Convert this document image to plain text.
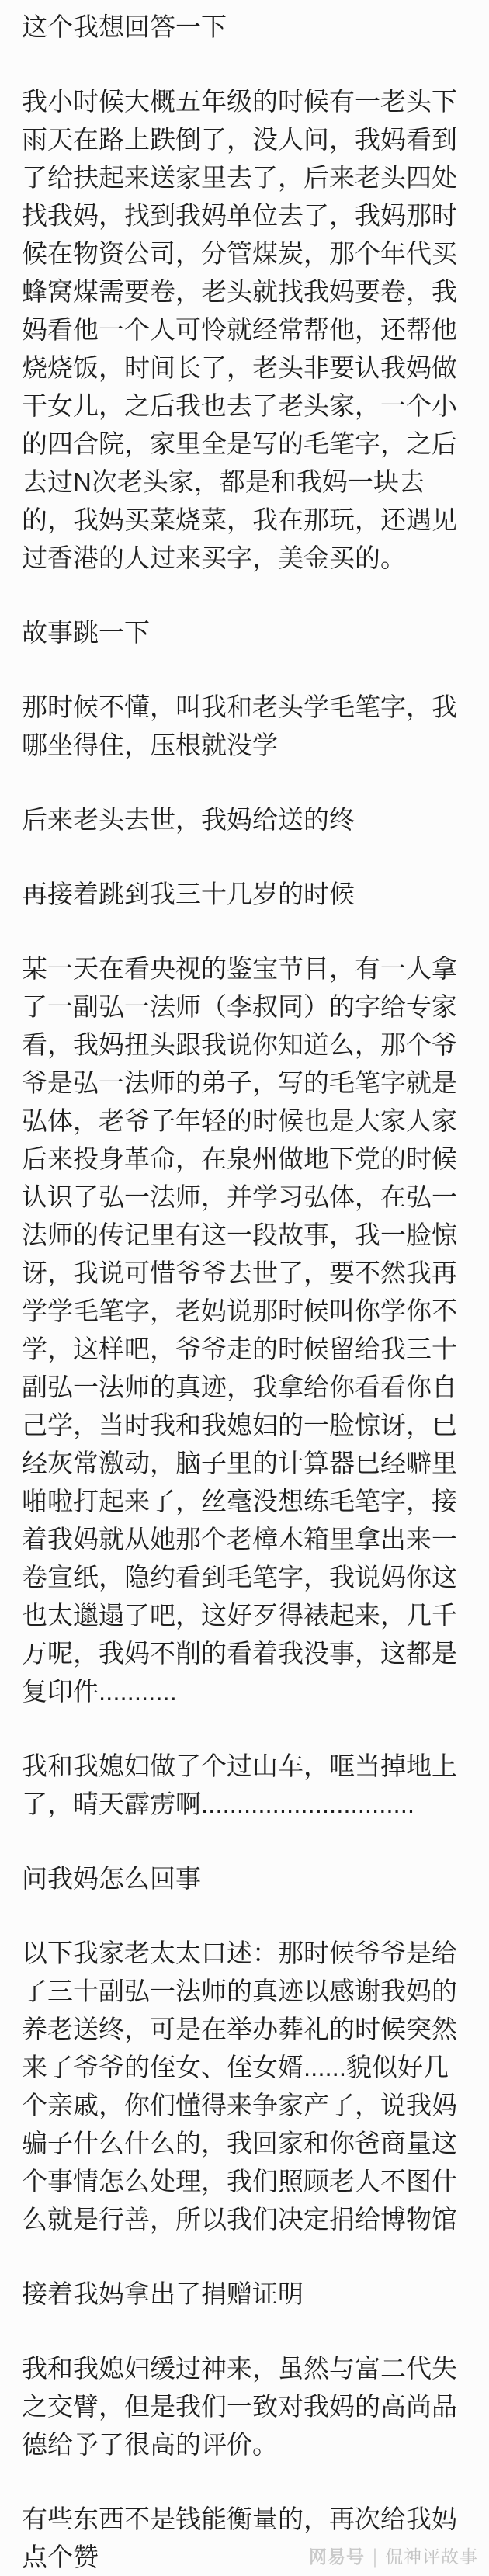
这个我想回答一下

我小时候大概五年级的时候有一老头下雨天在路上跌倒了，没人问，我妈看到了给扶起来送家里去了，后来老头四处找我妈，找到我妈单位去了，我妈那时候在物资公司，分管煤炭，那个年代买蜂窝煤需要卷，老头就找我妈要卷，我妈看他一个人可怜就经常帮他，还帮他烧烧饭，时间长了，老头非要认我妈做干女儿，之后我也去了老头家，一个小的四合院，家里全是写的毛笔字，之后去过N次老头家，都是和我妈一块去的，我妈买菜烧菜，我在那玩，还遇见过香港的人过来买字，美金买的。

故事跳一下

那时候不懂，叫我和老头学毛笔字，我哪坐得住，压根就没学

后来老头去世，我妈给送的终

再接着跳到我三十几岁的时候

某一天在看央视的鉴宝节目，有一人拿了一副弘一法师（李叔同）的字给专家看，我妈扭头跟我说你知道么，那个爷爷是弘一法师的弟子，写的毛笔字就是弘体，老爷子年轻的时候也是大家人家后来投身革命，在泉州做地下党的时候认识了弘一法师，并学习弘体，在弘一法师的传记里有这一段故事，我一脸惊讶，我说可惜爷爷去世了，要不然我再学学毛笔字，老妈说那时候叫你学你不学，这样吧，爷爷走的时候留给我三十副弘一法师的真迹，我拿给你看看你自己学，当时我和我媳妇的一脸惊讶，已经灰常激动，脑子里的计算器已经噼里啪啦打起来了，丝毫没想练毛笔字，接着我妈就从她那个老樟木箱里拿出来一卷宣纸，隐约看到毛笔字，我说妈你这也太邋遢了吧，这好歹得裱起来，几千万呢，我妈不削的看着我没事，这都是复印件...........

我和我媳妇做了个过山车，哐当掉地上了，晴天霹雳啊..............................

问我妈怎么回事

以下我家老太太口述：那时候爷爷是给了三十副弘一法师的真迹以感谢我妈的养老送终，可是在举办葬礼的时候突然来了爷爷的侄女、侄女婿......貌似好几个亲戚，你们懂得来争家产了，说我妈骗子什么什么的，我回家和你爸商量这个事情怎么处理，我们照顾老人不图什么就是行善，所以我们决定捐给博物馆

接着我妈拿出了捐赠证明

我和我媳妇缓过神来，虽然与富二代失之交臂，但是我们一致对我妈的高尚品德给予了很高的评价。

有些东西不是钱能衡量的，再次给我妈点个赞	网易号 | 侃神评故事
